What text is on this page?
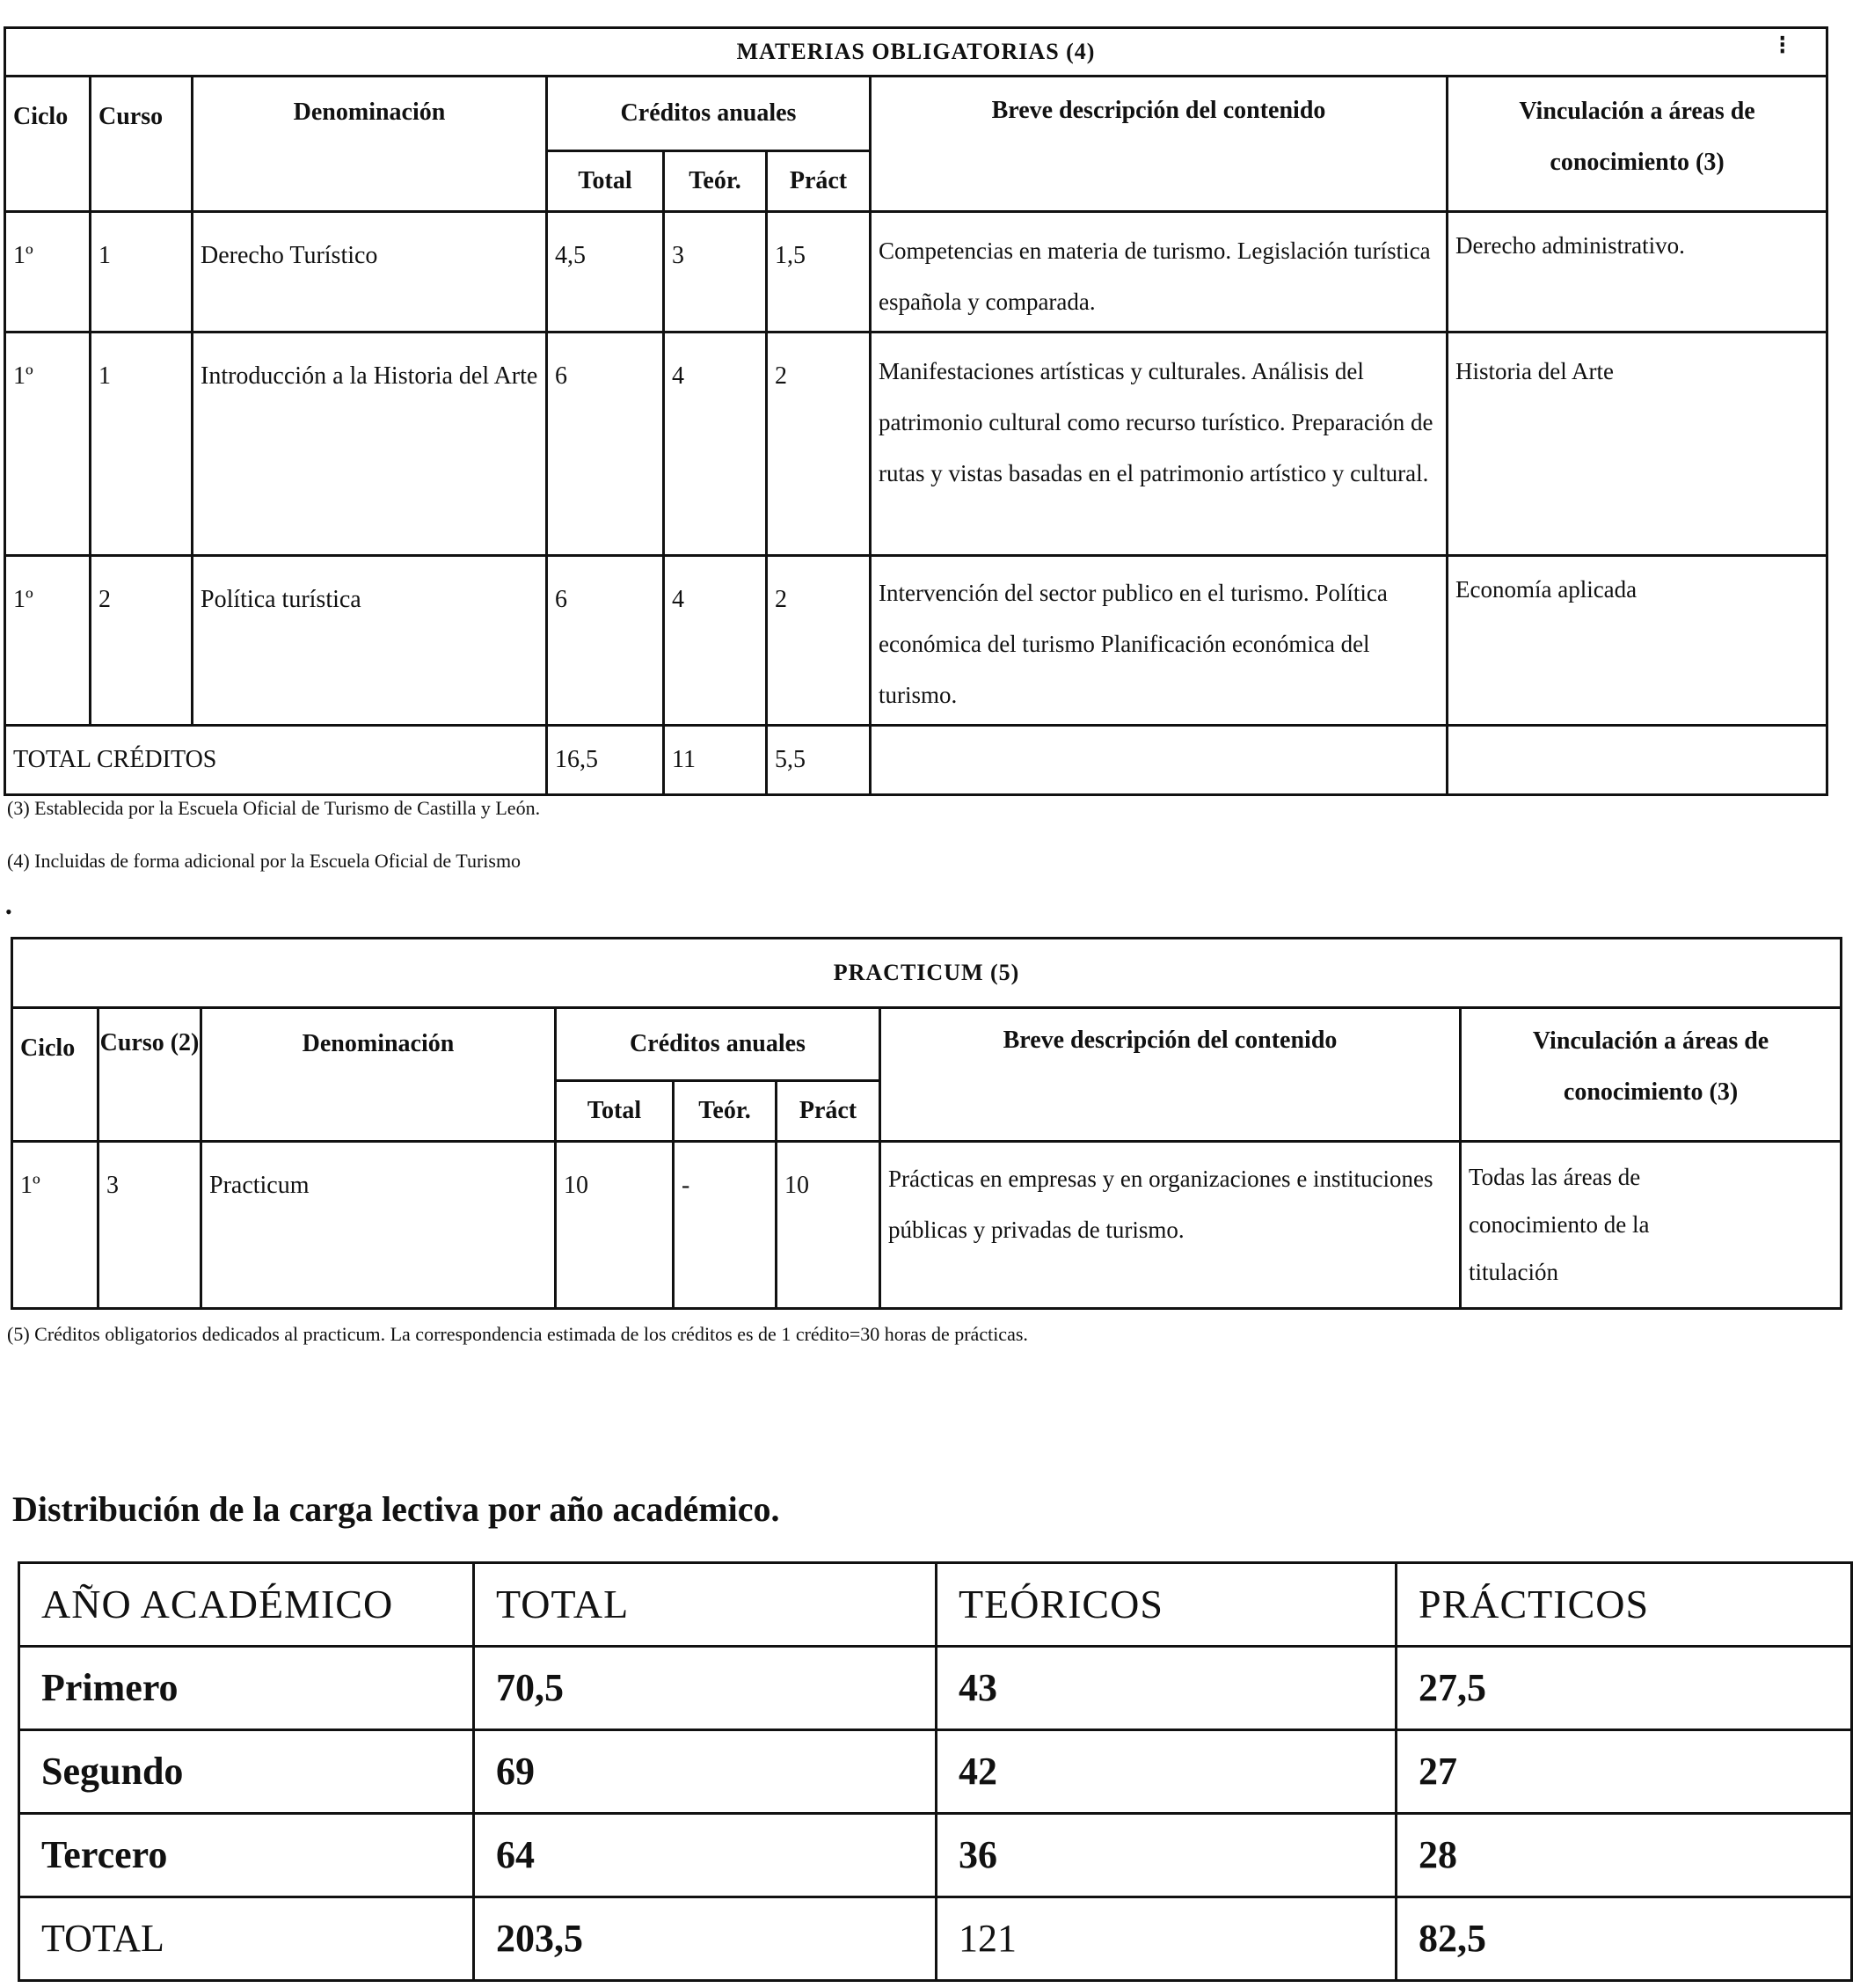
⁝
MATERIAS OBLIGATORIAS (4)							
Ciclo	Curso	Denominación	Créditos anuales			Breve descripción del contenido	Vinculación a áreas de conocimiento (3)
			Total	Teór.	Práct		
1º	1	Derecho Turístico	4,5	3	1,5	Competencias en materia de turismo. Legislación turística española y comparada.	Derecho administrativo.
1º	1	Introducción a la Historia del Arte	6	4	2	Manifestaciones artísticas y culturales. Análisis del patrimonio cultural como recurso turístico. Preparación de rutas y vistas basadas en el patrimonio artístico y cultural.	Historia del Arte
1º	2	Política turística	6	4	2	Intervención del sector publico en el turismo. Política económica del turismo Planificación económica del turismo.	Economía aplicada
TOTAL CRÉDITOS			16,5	11	5,5		
(3) Establecida por la Escuela Oficial de Turismo de Castilla y León.
(4) Incluidas de forma adicional por la Escuela Oficial de Turismo
•
PRACTICUM (5)							
Ciclo	Curso (2)	Denominación	Créditos anuales			Breve descripción del contenido	Vinculación a áreas de conocimiento (3)
			Total	Teór.	Práct		
1º	3	Practicum	10	-	10	Prácticas en empresas y en organizaciones e instituciones públicas y privadas de turismo.	Todas las áreas de conocimiento de la titulación
(5) Créditos obligatorios dedicados al practicum. La correspondencia estimada de los créditos es de 1 crédito=30 horas de prácticas.
Distribución de la carga lectiva por año académico.
AÑO ACADÉMICO	TOTAL	TEÓRICOS	PRÁCTICOS
Primero	70,5	43	27,5
Segundo	69	42	27
Tercero	64	36	28
TOTAL	203,5	121	82,5
